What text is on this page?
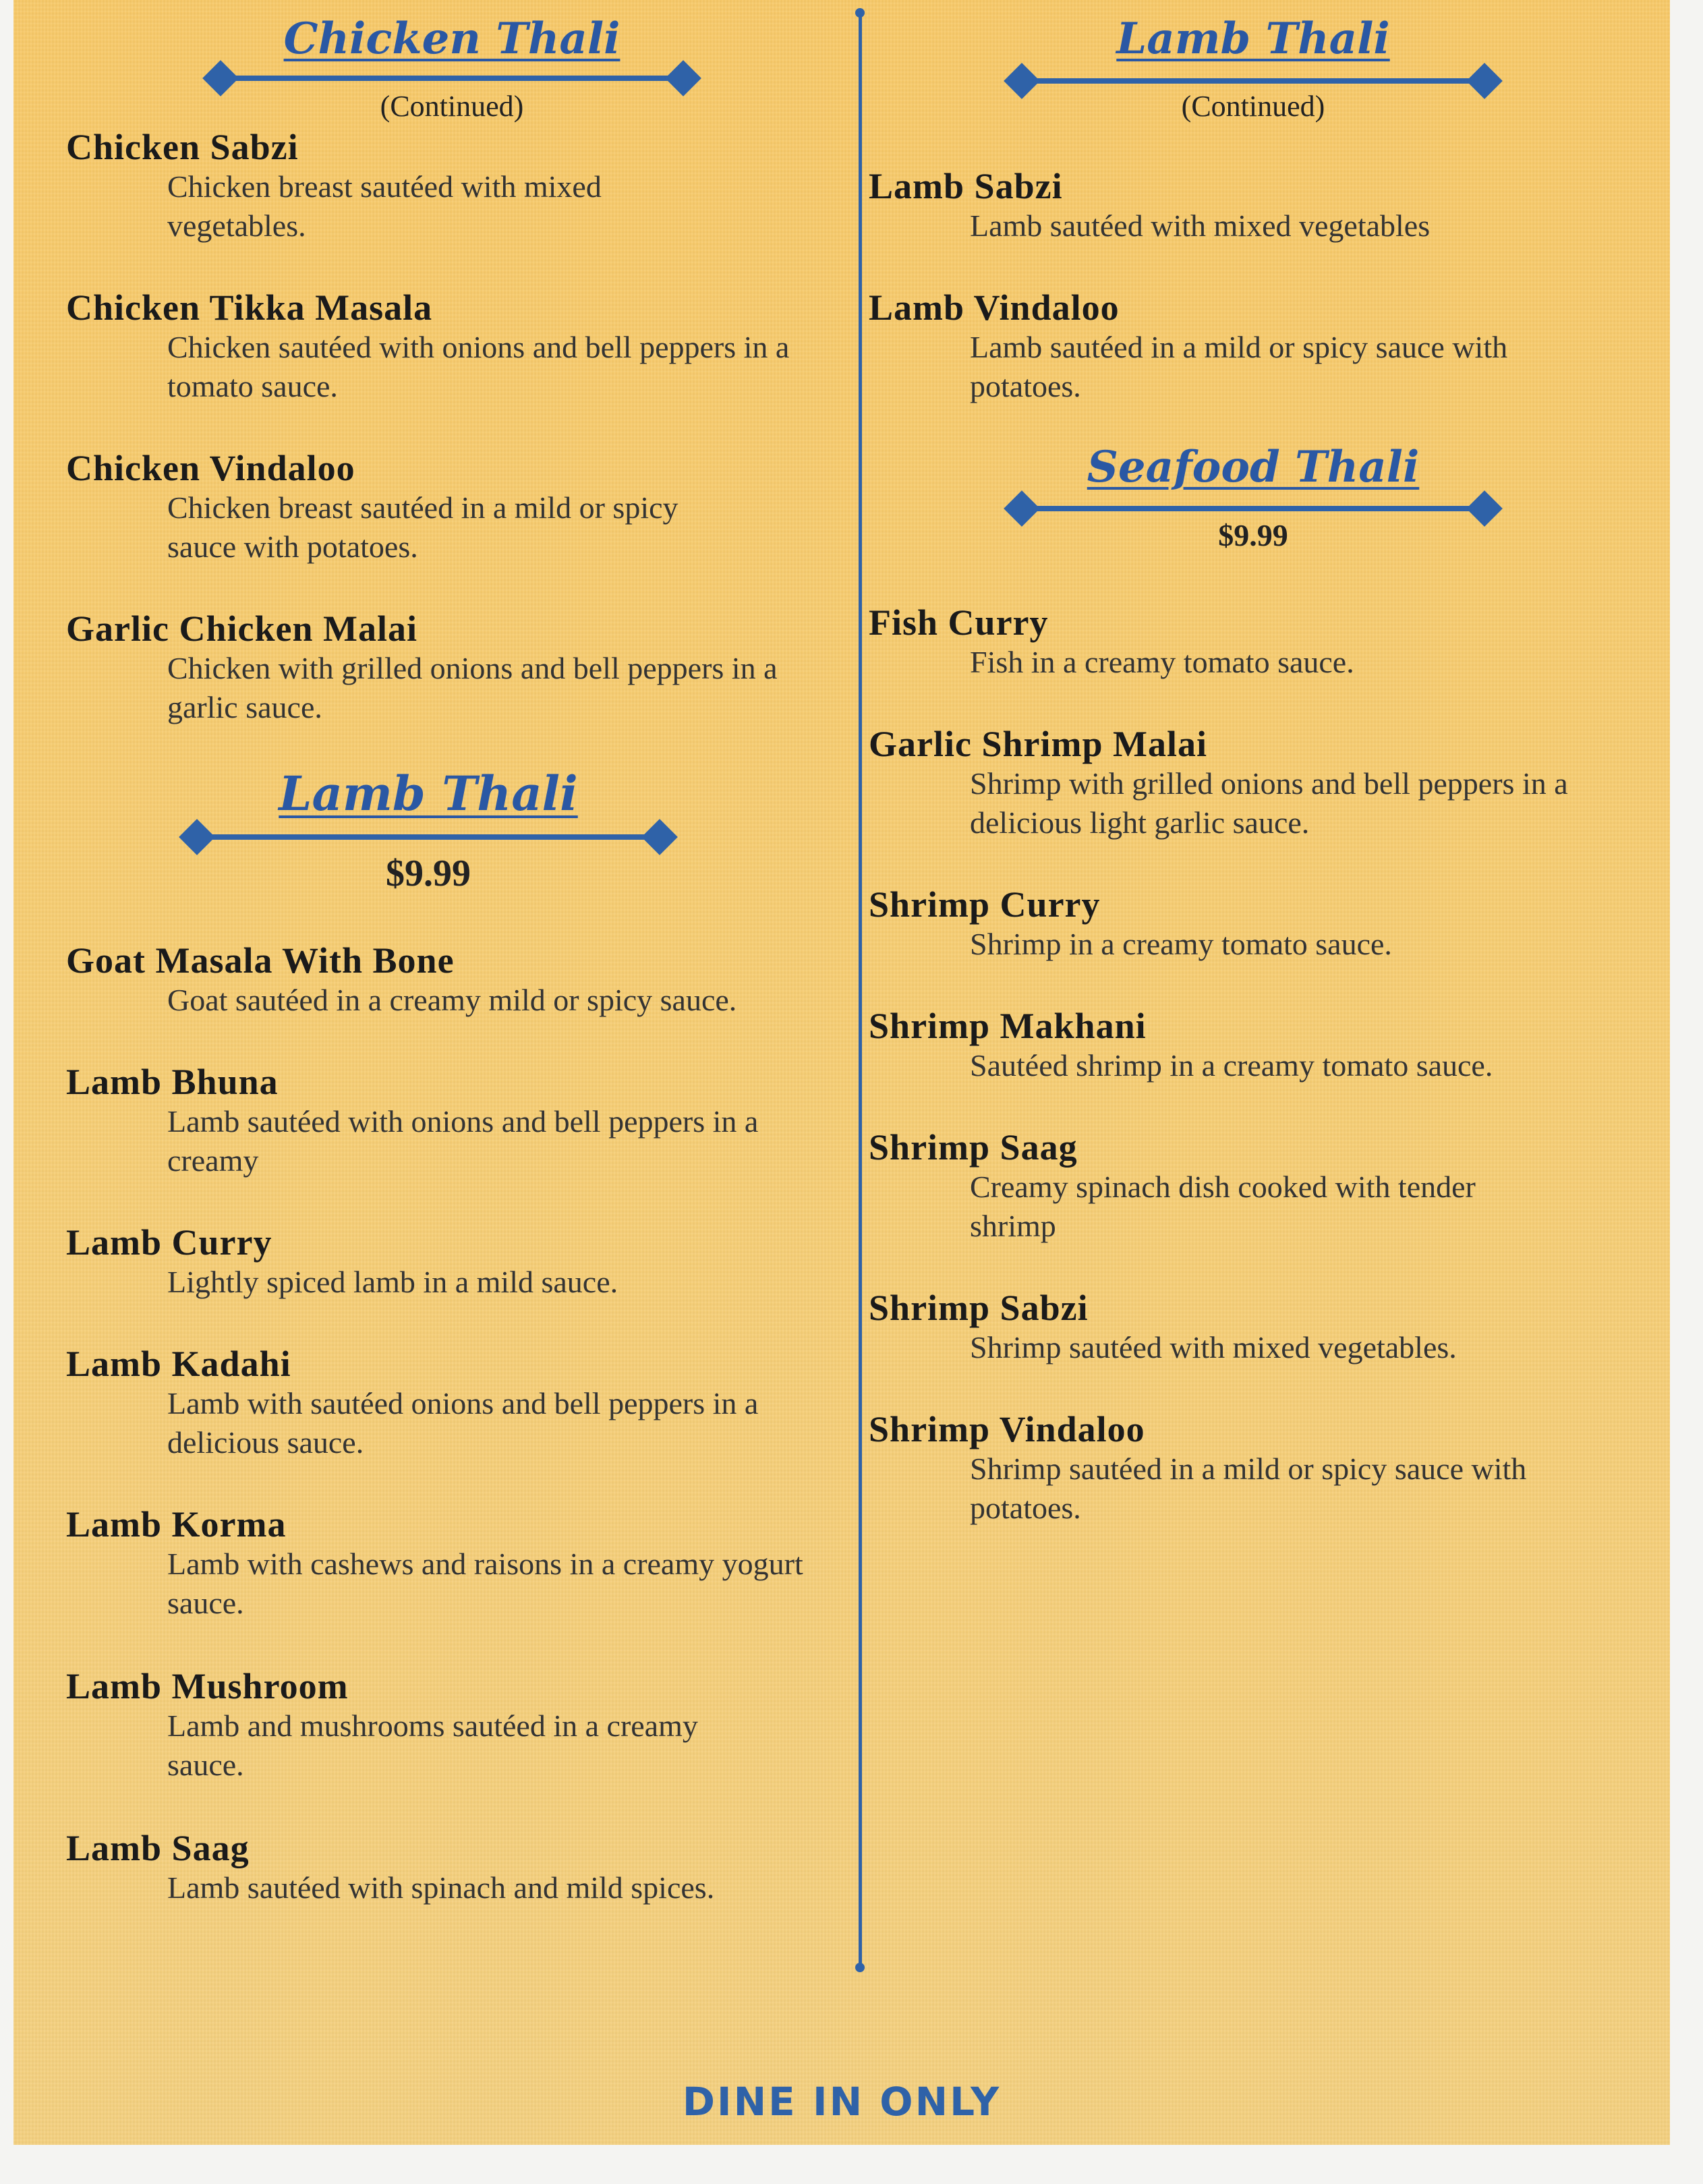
Chicken Thali
(Continued)
Chicken Sabzi
Chicken breast sautéed with mixed vegetables.
Chicken Tikka Masala
Chicken sautéed with onions and bell peppers in a tomato sauce.
Chicken Vindaloo
Chicken breast sautéed in a mild or spicy sauce with potatoes.
Garlic Chicken Malai
Chicken with grilled onions and bell peppers in a garlic sauce.
Lamb Thali
$9.99
Goat Masala With Bone
Goat sautéed in a creamy mild or spicy sauce.
Lamb Bhuna
Lamb sautéed with onions and bell peppers in a creamy
Lamb Curry
Lightly spiced lamb in a mild sauce.
Lamb Kadahi
Lamb with sautéed onions and bell peppers in a delicious sauce.
Lamb Korma
Lamb with cashews and raisons in a creamy yogurt sauce.
Lamb Mushroom
Lamb and mushrooms sautéed in a creamy sauce.
Lamb Saag
Lamb sautéed with spinach and mild spices.
Lamb Thali
(Continued)
Lamb Sabzi
Lamb sautéed with mixed vegetables
Lamb Vindaloo
Lamb sautéed in a mild or spicy sauce with potatoes.
Seafood Thali
$9.99
Fish Curry
Fish in a creamy tomato sauce.
Garlic Shrimp Malai
Shrimp with grilled onions and bell peppers in a delicious light garlic sauce.
Shrimp Curry
Shrimp in a creamy tomato sauce.
Shrimp Makhani
Sautéed shrimp in a creamy tomato sauce.
Shrimp Saag
Creamy spinach dish cooked with tender shrimp
Shrimp Sabzi
Shrimp sautéed with mixed vegetables.
Shrimp Vindaloo
Shrimp sautéed in a mild or spicy sauce with potatoes.
DINE IN ONLY
